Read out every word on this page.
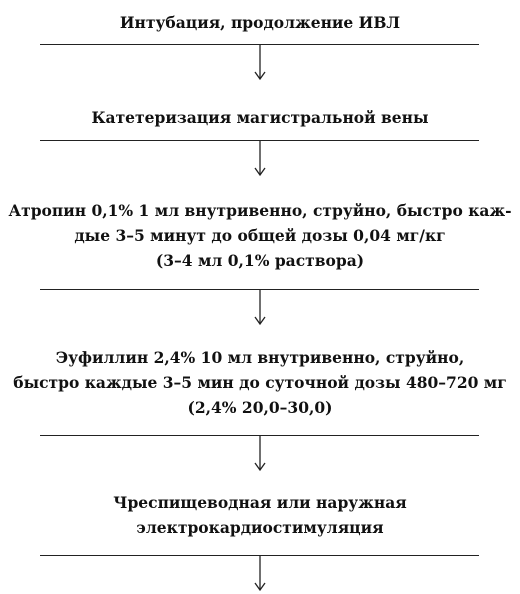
Интубация, продолжение ИВЛ
Катетеризация магистральной вены
Атропин 0,1% 1 мл внутривенно, струйно, быстро каж-
дые 3–5 минут до общей дозы 0,04 мг/кг
(3–4 мл 0,1% раствора)
Эуфиллин 2,4% 10 мл внутривенно, струйно,
быстро каждые 3–5 мин до суточной дозы 480–720 мг
(2,4% 20,0–30,0)
Чреспищеводная или наружная
электрокардиостимуляция
